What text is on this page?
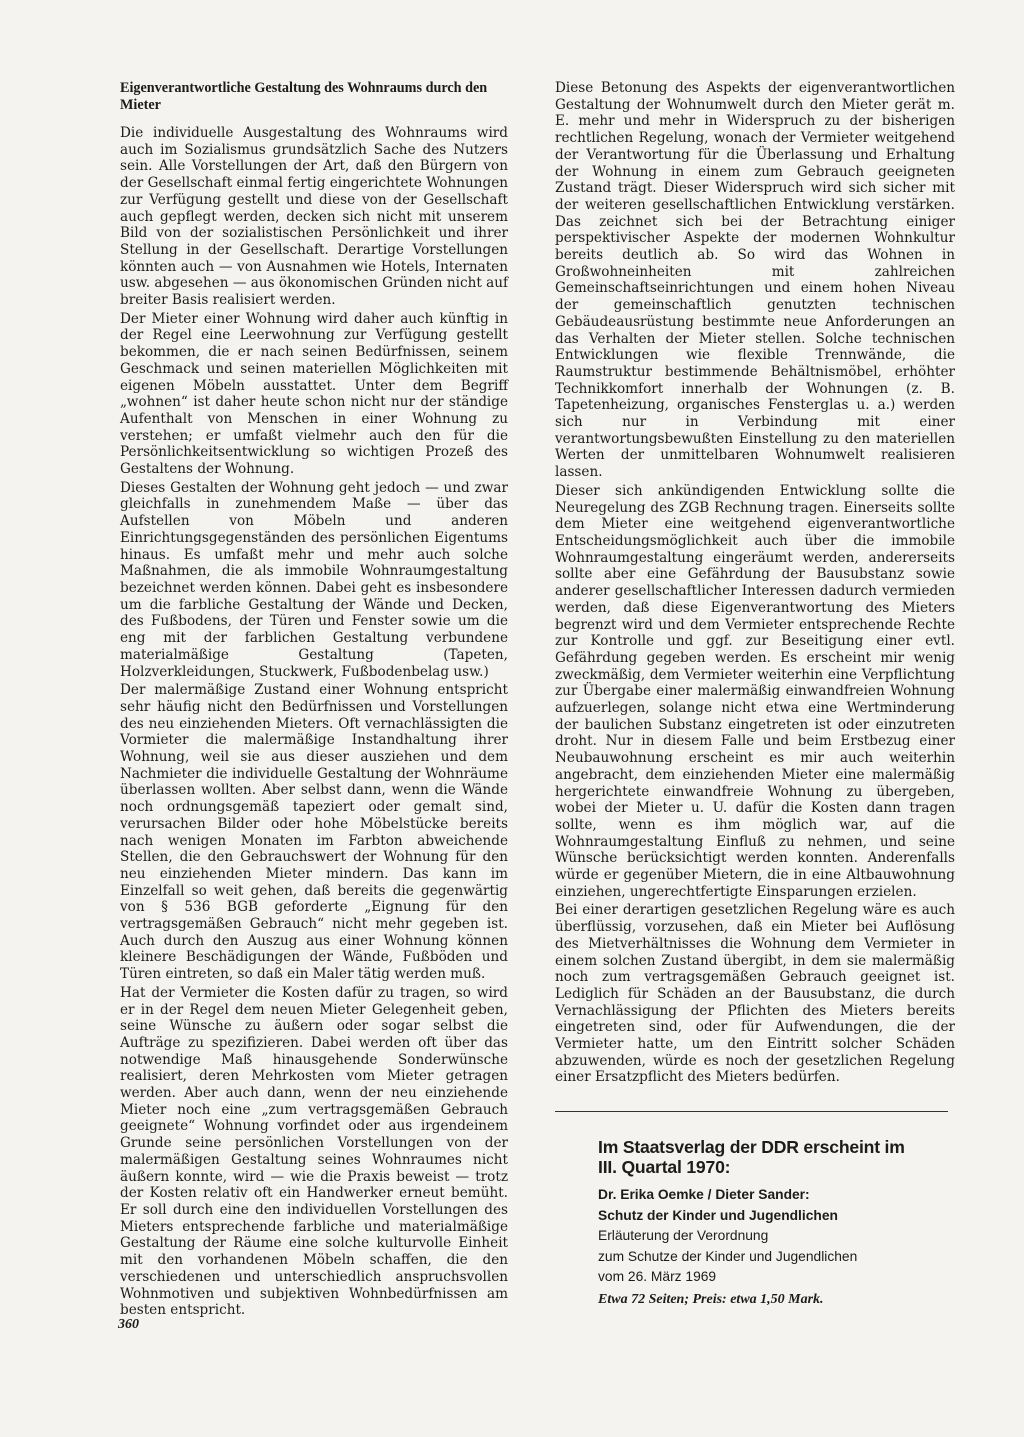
Eigenverantwortliche Gestaltung des Wohnraums durch den Mieter

Die individuelle Ausgestaltung des Wohnraums wird auch im Sozialismus grundsätzlich Sache des Nutzers sein. Alle Vorstellungen der Art, daß den Bürgern von der Gesellschaft einmal fertig eingerichtete Wohnungen zur Verfügung gestellt und diese von der Gesellschaft auch gepflegt werden, decken sich nicht mit unserem Bild von der sozialistischen Persönlichkeit und ihrer Stellung in der Gesellschaft. Derartige Vorstellungen könnten auch — von Ausnahmen wie Hotels, Internaten usw. abgesehen — aus ökonomischen Gründen nicht auf breiter Basis realisiert werden.

Der Mieter einer Wohnung wird daher auch künftig in der Regel eine Leerwohnung zur Verfügung gestellt bekommen, die er nach seinen Bedürfnissen, seinem Geschmack und seinen materiellen Möglichkeiten mit eigenen Möbeln ausstattet. Unter dem Begriff „wohnen“ ist daher heute schon nicht nur der ständige Aufenthalt von Menschen in einer Wohnung zu verstehen; er umfaßt vielmehr auch den für die Persönlichkeitsentwicklung so wichtigen Prozeß des Gestaltens der Wohnung.

Dieses Gestalten der Wohnung geht jedoch — und zwar gleichfalls in zunehmendem Maße — über das Aufstellen von Möbeln und anderen Einrichtungsgegenständen des persönlichen Eigentums hinaus. Es umfaßt mehr und mehr auch solche Maßnahmen, die als immobile Wohnraumgestaltung bezeichnet werden können. Dabei geht es insbesondere um die farbliche Gestaltung der Wände und Decken, des Fußbodens, der Türen und Fenster sowie um die eng mit der farblichen Gestaltung verbundene materialmäßige Gestaltung (Tapeten, Holzverkleidungen, Stuckwerk, Fußbodenbelag usw.)

Der malermäßige Zustand einer Wohnung entspricht sehr häufig nicht den Bedürfnissen und Vorstellungen des neu einziehenden Mieters. Oft vernachlässigten die Vormieter die malermäßige Instandhaltung ihrer Wohnung, weil sie aus dieser ausziehen und dem Nachmieter die individuelle Gestaltung der Wohnräume überlassen wollten. Aber selbst dann, wenn die Wände noch ordnungsgemäß tapeziert oder gemalt sind, verursachen Bilder oder hohe Möbelstücke bereits nach wenigen Monaten im Farbton abweichende Stellen, die den Gebrauchswert der Wohnung für den neu einziehenden Mieter mindern. Das kann im Einzelfall so weit gehen, daß bereits die gegenwärtig von § 536 BGB geforderte „Eignung für den vertragsgemäßen Gebrauch“ nicht mehr gegeben ist. Auch durch den Auszug aus einer Wohnung können kleinere Beschädigungen der Wände, Fußböden und Türen eintreten, so daß ein Maler tätig werden muß.

Hat der Vermieter die Kosten dafür zu tragen, so wird er in der Regel dem neuen Mieter Gelegenheit geben, seine Wünsche zu äußern oder sogar selbst die Aufträge zu spezifizieren. Dabei werden oft über das notwendige Maß hinausgehende Sonderwünsche realisiert, deren Mehrkosten vom Mieter getragen werden. Aber auch dann, wenn der neu einziehende Mieter noch eine „zum vertragsgemäßen Gebrauch geeignete“ Wohnung vorfindet oder aus irgendeinem Grunde seine persönlichen Vorstellungen von der malermäßigen Gestaltung seines Wohnraumes nicht äußern konnte, wird — wie die Praxis beweist — trotz der Kosten relativ oft ein Handwerker erneut bemüht. Er soll durch eine den individuellen Vorstellungen des Mieters entsprechende farbliche und materialmäßige Gestaltung der Räume eine solche kulturvolle Einheit mit den vorhandenen Möbeln schaffen, die den verschiedenen und unterschiedlich anspruchsvollen Wohnmotiven und subjektiven Wohnbedürfnissen am besten entspricht.

Diese Betonung des Aspekts der eigenverantwortlichen Gestaltung der Wohnumwelt durch den Mieter gerät m. E. mehr und mehr in Widerspruch zu der bisherigen rechtlichen Regelung, wonach der Vermieter weitgehend der Verantwortung für die Überlassung und Erhaltung der Wohnung in einem zum Gebrauch geeigneten Zustand trägt. Dieser Widerspruch wird sich sicher mit der weiteren gesellschaftlichen Entwicklung verstärken. Das zeichnet sich bei der Betrachtung einiger perspektivischer Aspekte der modernen Wohnkultur bereits deutlich ab. So wird das Wohnen in Großwohneinheiten mit zahlreichen Gemeinschaftseinrichtungen und einem hohen Niveau der gemeinschaftlich genutzten technischen Gebäudeausrüstung bestimmte neue Anforderungen an das Verhalten der Mieter stellen. Solche technischen Entwicklungen wie flexible Trennwände, die Raumstruktur bestimmende Behältnismöbel, erhöhter Technikkomfort innerhalb der Wohnungen (z. B. Tapetenheizung, organisches Fensterglas u. a.) werden sich nur in Verbindung mit einer verantwortungsbewußten Einstellung zu den materiellen Werten der unmittelbaren Wohnumwelt realisieren lassen.

Dieser sich ankündigenden Entwicklung sollte die Neuregelung des ZGB Rechnung tragen. Einerseits sollte dem Mieter eine weitgehend eigenverantwortliche Entscheidungsmöglichkeit auch über die immobile Wohnraumgestaltung eingeräumt werden, andererseits sollte aber eine Gefährdung der Bausubstanz sowie anderer gesellschaftlicher Interessen dadurch vermieden werden, daß diese Eigenverantwortung des Mieters begrenzt wird und dem Vermieter entsprechende Rechte zur Kontrolle und ggf. zur Beseitigung einer evtl. Gefährdung gegeben werden. Es erscheint mir wenig zweckmäßig, dem Vermieter weiterhin eine Verpflichtung zur Übergabe einer malermäßig einwandfreien Wohnung aufzuerlegen, solange nicht etwa eine Wertminderung der baulichen Substanz eingetreten ist oder einzutreten droht. Nur in diesem Falle und beim Erstbezug einer Neubauwohnung erscheint es mir auch weiterhin angebracht, dem einziehenden Mieter eine malermäßig hergerichtete einwandfreie Wohnung zu übergeben, wobei der Mieter u. U. dafür die Kosten dann tragen sollte, wenn es ihm möglich war, auf die Wohnraumgestaltung Einfluß zu nehmen, und seine Wünsche berücksichtigt werden konnten. Anderenfalls würde er gegenüber Mietern, die in eine Altbauwohnung einziehen, ungerechtfertigte Einsparungen erzielen.

Bei einer derartigen gesetzlichen Regelung wäre es auch überflüssig, vorzusehen, daß ein Mieter bei Auflösung des Mietverhältnisses die Wohnung dem Vermieter in einem solchen Zustand übergibt, in dem sie malermäßig noch zum vertragsgemäßen Gebrauch geeignet ist. Lediglich für Schäden an der Bausubstanz, die durch Vernachlässigung der Pflichten des Mieters bereits eingetreten sind, oder für Aufwendungen, die der Vermieter hatte, um den Eintritt solcher Schäden abzuwenden, würde es noch der gesetzlichen Regelung einer Ersatzpflicht des Mieters bedürfen.

Im Staatsverlag der DDR erscheint im III. Quartal 1970:
Dr. Erika Oemke / Dieter Sander:
Schutz der Kinder und Jugendlichen
Erläuterung der Verordnung
zum Schutze der Kinder und Jugendlichen
vom 26. März 1969
Etwa 72 Seiten; Preis: etwa 1,50 Mark.
360
